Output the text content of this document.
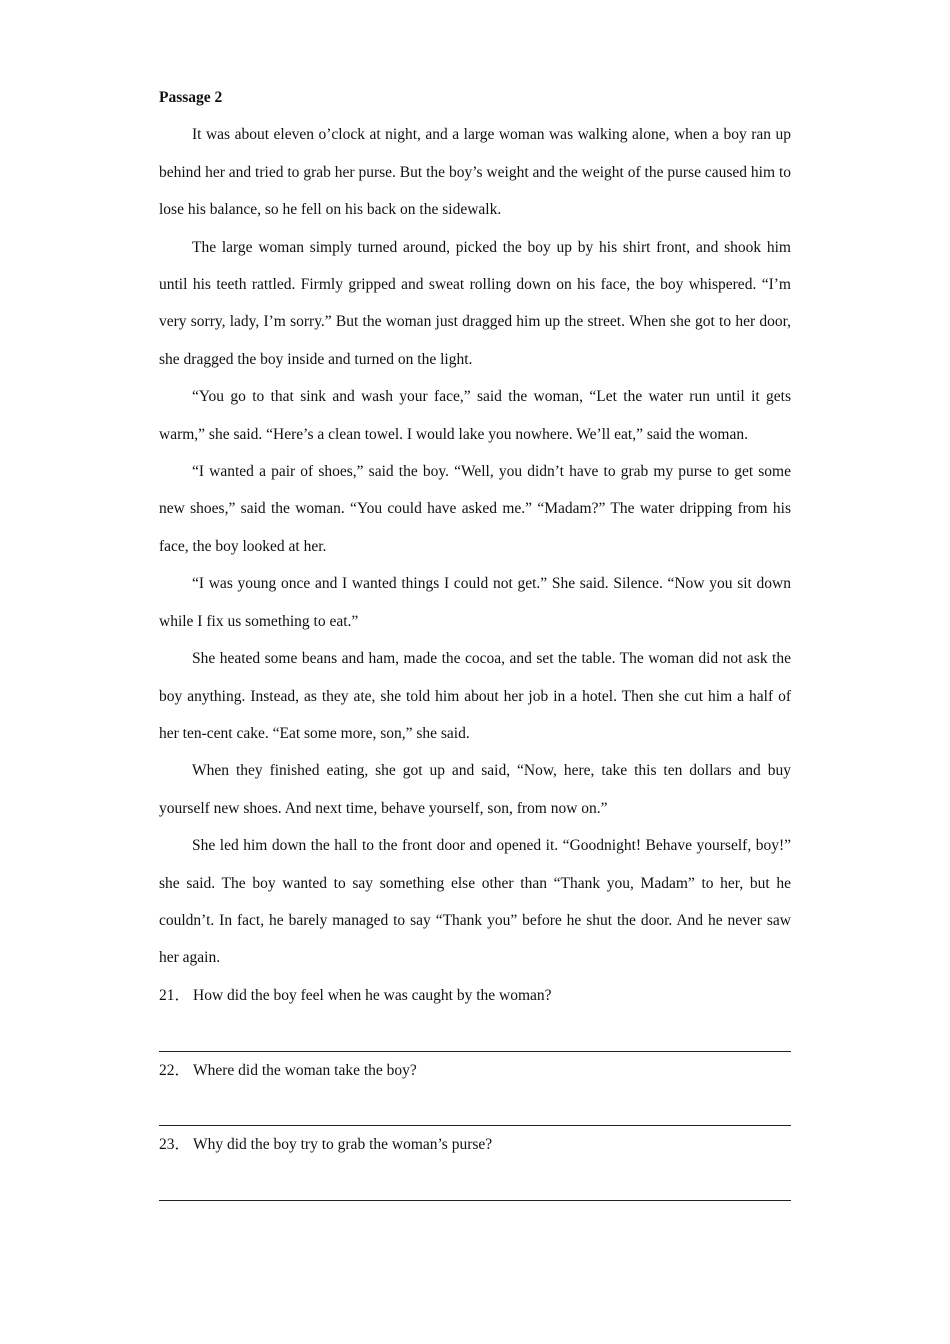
Passage 2

It was about eleven o’clock at night, and a large woman was walking alone, when a boy ran up behind her and tried to grab her purse. But the boy’s weight and the weight of the purse caused him to lose his balance, so he fell on his back on the sidewalk.

The large woman simply turned around, picked the boy up by his shirt front, and shook him until his teeth rattled. Firmly gripped and sweat rolling down on his face, the boy whispered. “I’m very sorry, lady, I’m sorry.” But the woman just dragged him up the street. When she got to her door, she dragged the boy inside and turned on the light.

“You go to that sink and wash your face,” said the woman, “Let the water run until it gets warm,” she said. “Here’s a clean towel. I would lake you nowhere. We’ll eat,” said the woman.

“I wanted a pair of shoes,” said the boy. “Well, you didn’t have to grab my purse to get some new shoes,” said the woman. “You could have asked me.” “Madam?” The water dripping from his face, the boy looked at her.

“I was young once and I wanted things I could not get.” She said. Silence. “Now you sit down while I fix us something to eat.”

She heated some beans and ham, made the cocoa, and set the table. The woman did not ask the boy anything. Instead, as they ate, she told him about her job in a hotel. Then she cut him a half of her ten-cent cake. “Eat some more, son,” she said.

When they finished eating, she got up and said, “Now, here, take this ten dollars and buy yourself new shoes. And next time, behave yourself, son, from now on.”

She led him down the hall to the front door and opened it. “Goodnight! Behave yourself, boy!” she said. The boy wanted to say something else other than “Thank you, Madam” to her, but he couldn’t. In fact, he barely managed to say “Thank you” before he shut the door. And he never saw her again.

21． How did the boy feel when he was caught by the woman?

22． Where did the woman take the boy?

23． Why did the boy try to grab the woman’s purse?
